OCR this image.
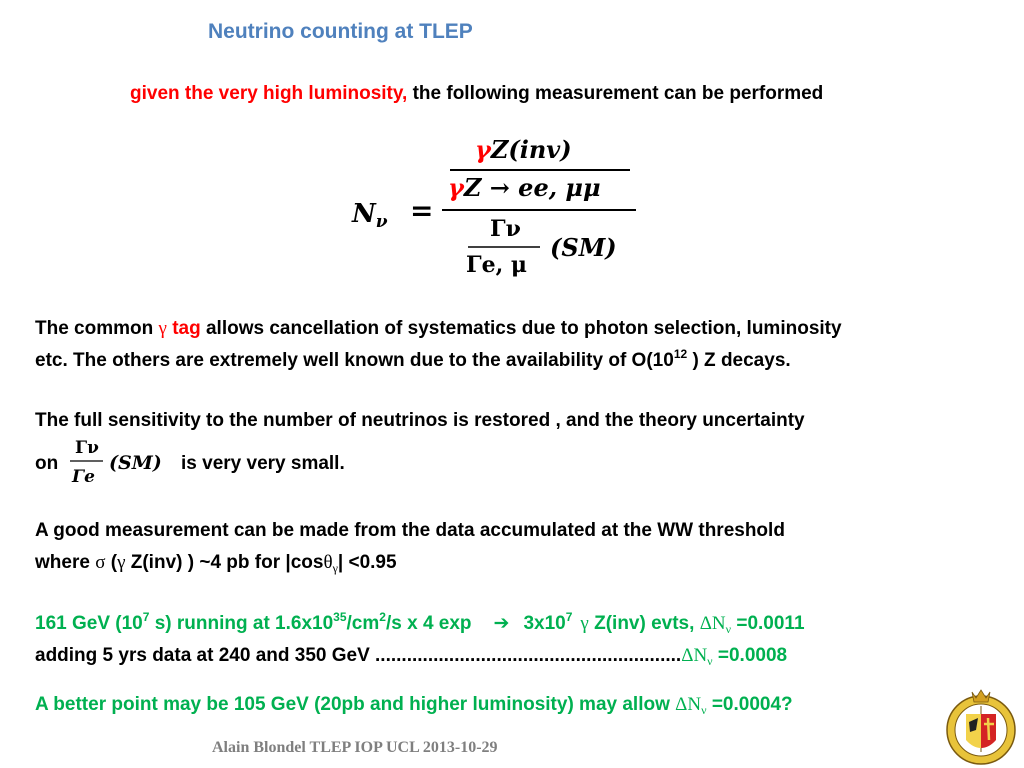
Neutrino counting at TLEP
given the very high luminosity, the following measurement can be performed
Nν =
γZ(inv)
γZ → ee, μμ
Γν
Γe, μ
(SM)
The common γ tag allows cancellation of systematics due to photon selection, luminosity
etc. The others are extremely well known due to the availability of $O(10^{12}$ ) Z decays.
The full sensitivity to the number of neutrinos is restored , and the theory uncertainty
on
Γν
Γe
(SM) is very very small.
A good measurement can be made from the data accumulated at the WW threshold
where σ (γ Z(inv) ) ~4 pb for |cosθ$_\gamma$| <0.95
161 GeV ($10^7$ s) running at $1.6x10^{35}/cm^2/s$ x 4 exp ➔ $3x10^7$ γ Z(inv) evts, $\Delta N_\nu =0.0011$
adding 5 yrs data at 240 and 350 GeV $..........................................................\Delta N_\nu =0.0008$
A better point may be 105 GeV (20pb and higher luminosity) may allow $\Delta N_\nu =0.0004$?
Alain Blondel TLEP IOP UCL 2013-10-29
